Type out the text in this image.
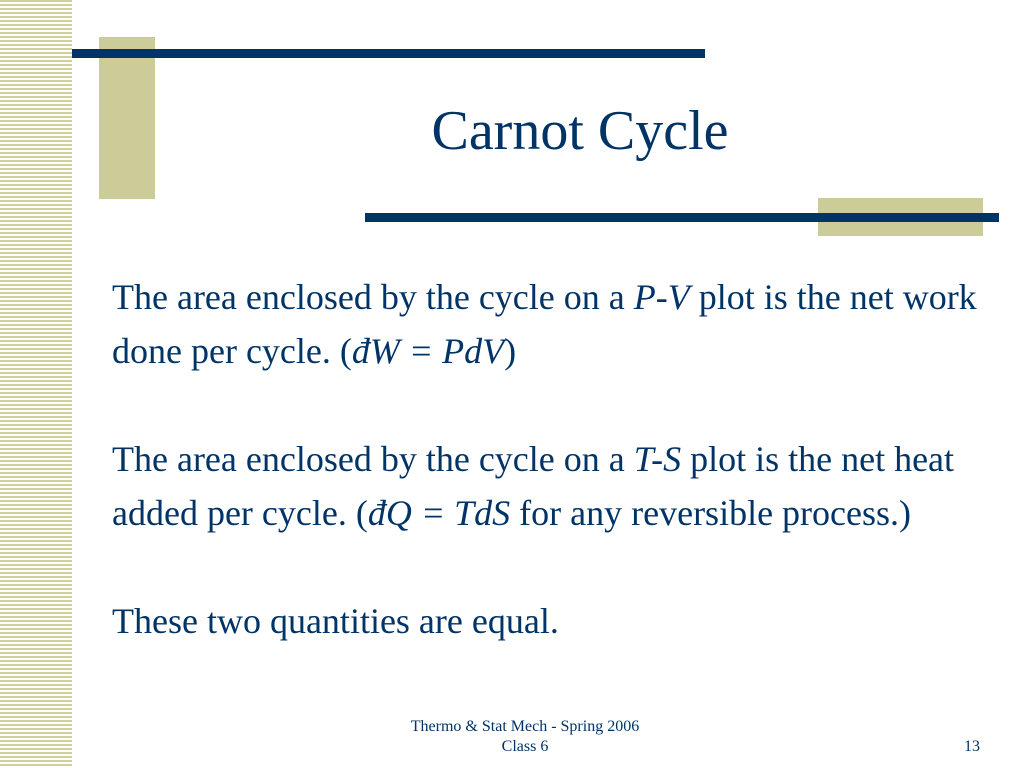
Carnot Cycle

The area enclosed by the cycle on a P-V plot is the net work done per cycle. (đW = PdV)

The area enclosed by the cycle on a T-S plot is the net heat added per cycle. (đQ = TdS for any reversible process.)

These two quantities are equal.

Thermo & Stat Mech - Spring 2006
Class 6	13
